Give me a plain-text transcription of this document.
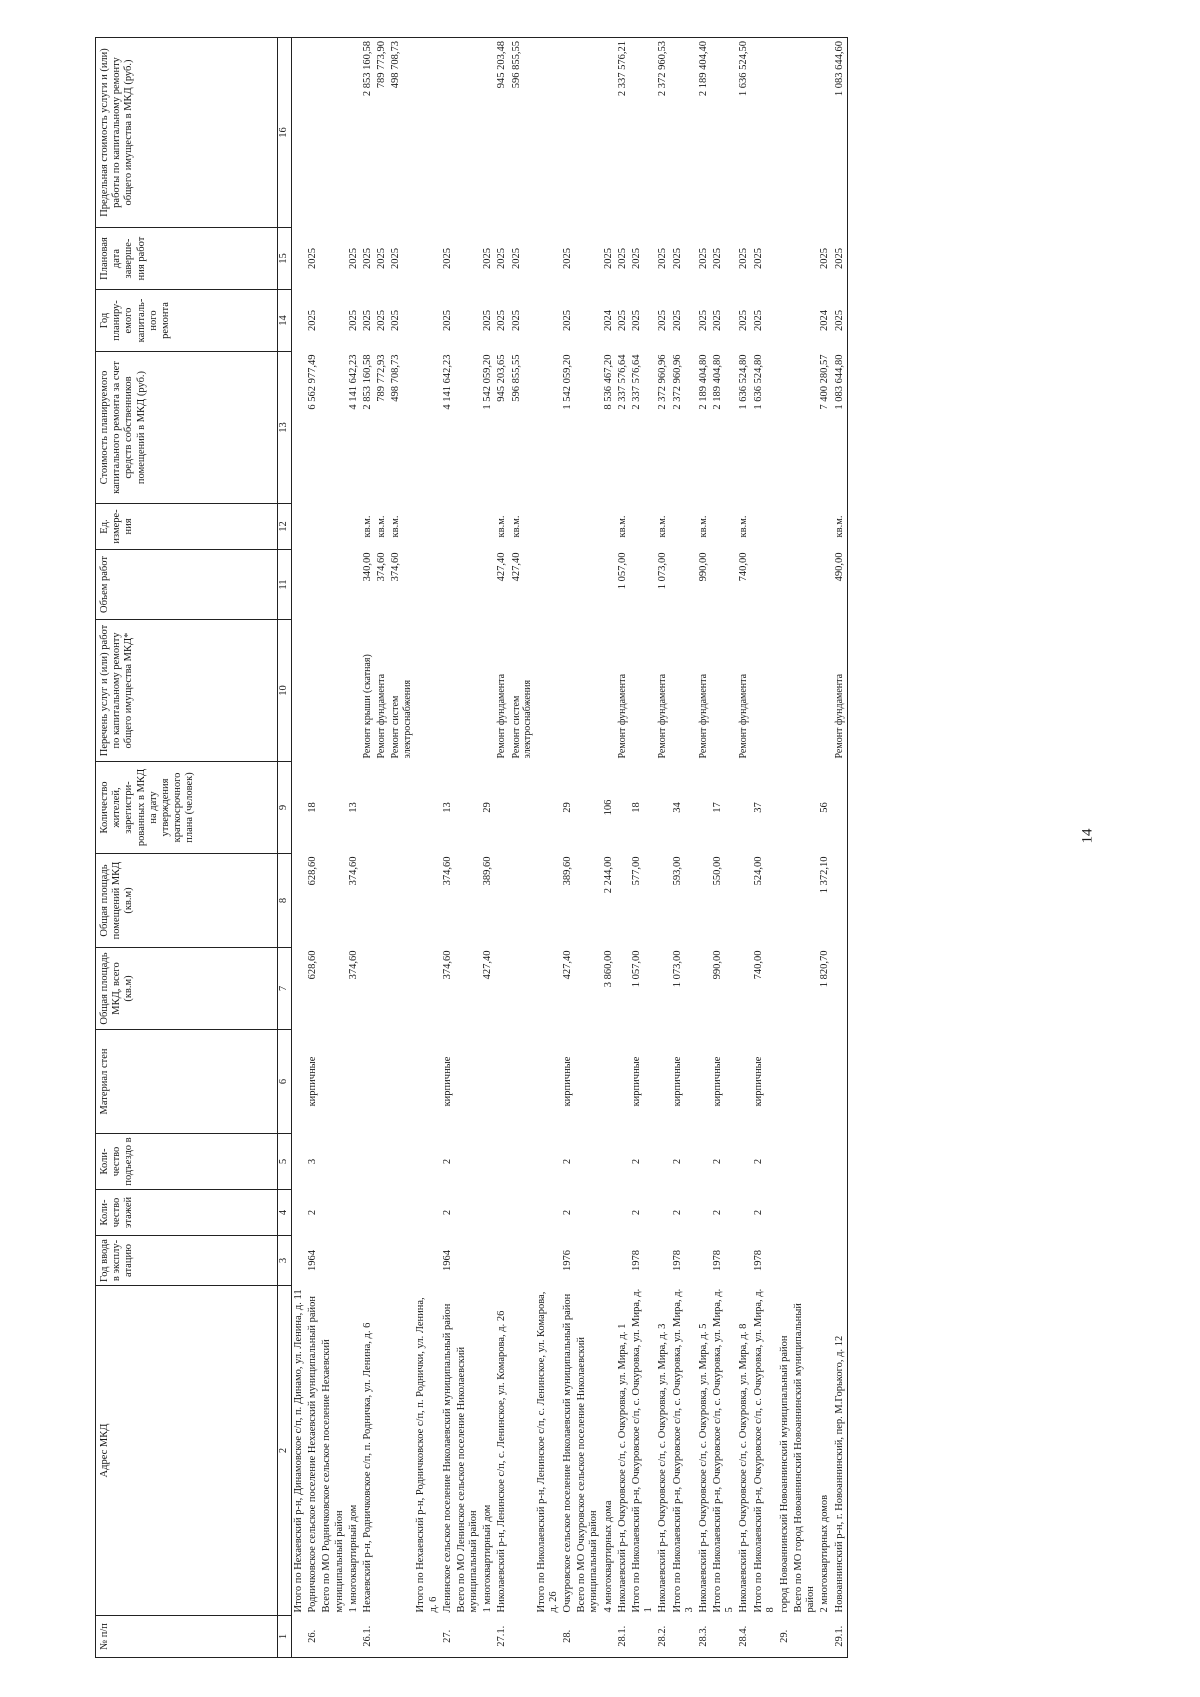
14
№ п/п	Адрес МКД	Год ввода в эксплу-атацию	Коли-чество этажей	Коли-чество подъездо в	Материал стен	Общая площадь МКД, всего (кв.м)	Общая площадь помещений МКД (кв.м)	Количество жителей, зарегистри-рованных в МКД на дату утверждения краткосрочного плана (человек)	Перечень услуг и (или) работ по капитальному ремонту общего имущества МКД*	Объем работ	Ед. измере-ния	Стоимость планируемого капитального ремонта за счет средств собственников помещений в МКД (руб.)	Год планиру-емого капиталь-ного ремонта	Плановая дата заверше-ния работ	Предельная стоимость услуги и (или) работы по капитальному ремонту общего имущества в МКД (руб.)
1	2	3	4	5	6	7	8	9	10	11	12	13	14	15	16
	Итого по Нехаевский р-н, Динамовское с/п, п. Динамо, ул. Ленина, д. 11														
26.	Родничковское сельское поселение Нехаевский муниципальный район	1964	2	3	кирпичные	628,60	628,60	18				6 562 977,49	2025	2025	
	Всего по МО Родничковское сельское поселение Нехаевский муниципальный район														
	1 многоквартирный дом					374,60	374,60	13				4 141 642,23	2025	2025	
26.1.	Нехаевский р-н, Родничковское с/п, п. Родничка, ул. Ленина, д. 6								Ремонт крыши (скатная)	340,00	кв.м.	2 853 160,58	2025	2025	2 853 160,58
									Ремонт фундамента	374,60	кв.м.	789 772,93	2025	2025	789 773,90
									Ремонт систем электроснабжения	374,60	кв.м.	498 708,73	2025	2025	498 708,73
	Итого по Нехаевский р-н, Родничковское с/п, п. Роднички, ул. Ленина, д. 6														
27.	Ленинское сельское поселение Николаевский муниципальный район	1964	2	2	кирпичные	374,60	374,60	13				4 141 642,23	2025	2025	
	Всего по МО Ленинское сельское поселение Николаевский муниципальный район														
	1 многоквартирный дом					427,40	389,60	29				1 542 059,20	2025	2025	
27.1.	Николаевский р-н, Ленинское с/п, с. Ленинское, ул. Комарова, д. 26								Ремонт фундамента	427,40	кв.м.	945 203,65	2025	2025	945 203,48
									Ремонт систем электроснабжения	427,40	кв.м.	596 855,55	2025	2025	596 855,55
	Итого по Николаевский р-н, Ленинское с/п, с. Ленинское, ул. Комарова, д. 26														
28.	Очкуровское сельское поселение Николаевский муниципальный район	1976	2	2	кирпичные	427,40	389,60	29				1 542 059,20	2025	2025	
	Всего по МО Очкуровское сельское поселение Николаевский муниципальный район														
	4 многоквартирных дома					3 860,00	2 244,00	106				8 536 467,20	2024	2025	
28.1.	Николаевский р-н, Очкуровское с/п, с. Очкуровка, ул. Мира, д. 1								Ремонт фундамента	1 057,00	кв.м.	2 337 576,64	2025	2025	2 337 576,21
	Итого по Николаевский р-н, Очкуровское с/п, с. Очкуровка, ул. Мира, д. 1	1978	2	2	кирпичные	1 057,00	577,00	18				2 337 576,64	2025	2025	
28.2.	Николаевский р-н, Очкуровское с/п, с. Очкуровка, ул. Мира, д. 3								Ремонт фундамента	1 073,00	кв.м.	2 372 960,96	2025	2025	2 372 960,53
	Итого по Николаевский р-н, Очкуровское с/п, с. Очкуровка, ул. Мира, д. 3	1978	2	2	кирпичные	1 073,00	593,00	34				2 372 960,96	2025	2025	
28.3.	Николаевский р-н, Очкуровское с/п, с. Очкуровка, ул. Мира, д. 5								Ремонт фундамента	990,00	кв.м.	2 189 404,80	2025	2025	2 189 404,40
	Итого по Николаевский р-н, Очкуровское с/п, с. Очкуровка, ул. Мира, д. 5	1978	2	2	кирпичные	990,00	550,00	17				2 189 404,80	2025	2025	
28.4.	Николаевский р-н, Очкуровское с/п, с. Очкуровка, ул. Мира, д. 8								Ремонт фундамента	740,00	кв.м.	1 636 524,80	2025	2025	1 636 524,50
	Итого по Николаевский р-н, Очкуровское с/п, с. Очкуровка, ул. Мира, д. 8	1978	2	2	кирпичные	740,00	524,00	37				1 636 524,80	2025	2025	
29.	город Новоаннинский Новоаннинский муниципальный район														
	Всего по МО город Новоаннинский Новоаннинский муниципальный район														
	2 многоквартирных домов					1 820,70	1 372,10	56				7 400 280,57	2024	2025	
29.1.	Новоаннинский р-н, г. Новоаннинский, пер. М.Горького, д. 12								Ремонт фундамента	490,00	кв.м.	1 083 644,80	2025	2025	1 083 644,60
